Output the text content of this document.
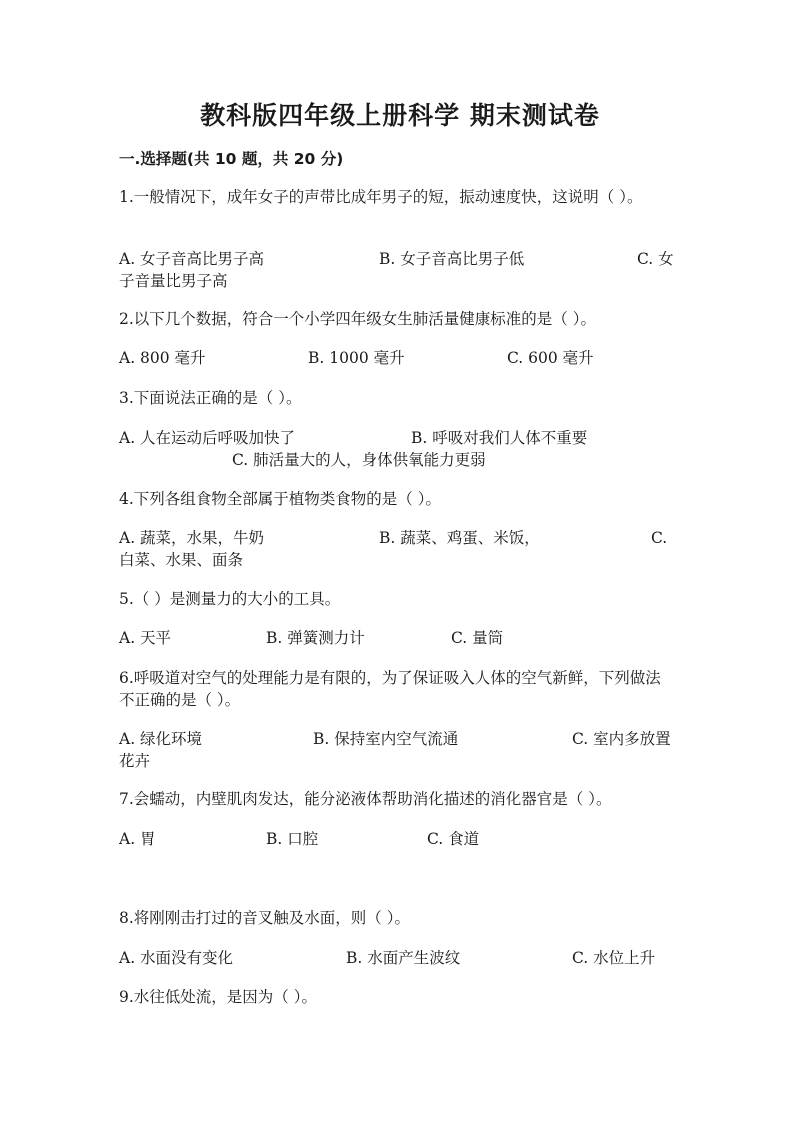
教科版四年级上册科学 期末测试卷
一.选择题(共 10 题，共 20 分)
1.一般情况下，成年女子的声带比成年男子的短，振动速度快，这说明（ ）。
A. 女子音高比男子高	B. 女子音高比男子低	C. 女
子音量比男子高
2.以下几个数据，符合一个小学四年级女生肺活量健康标准的是（ ）。
A. 800 毫升	B. 1000 毫升	C. 600 毫升
3.下面说法正确的是（ ）。
A. 人在运动后呼吸加快了	B. 呼吸对我们人体不重要
C. 肺活量大的人，身体供氧能力更弱
4.下列各组食物全部属于植物类食物的是（ ）。
A. 蔬菜，水果，牛奶	B. 蔬菜、鸡蛋、米饭，	C.
白菜、水果、面条
5.（ ）是测量力的大小的工具。
A. 天平	B. 弹簧测力计	C. 量筒
6.呼吸道对空气的处理能力是有限的，为了保证吸入人体的空气新鲜，下列做法不正确的是（ ）。
A. 绿化环境	B. 保持室内空气流通	C. 室内多放置
花卉
7.会蠕动，内壁肌肉发达，能分泌液体帮助消化描述的消化器官是（ ）。
A. 胃	B. 口腔	C. 食道
8.将刚刚击打过的音叉触及水面，则（ ）。
A. 水面没有变化	B. 水面产生波纹	C. 水位上升
9.水往低处流，是因为（ ）。
